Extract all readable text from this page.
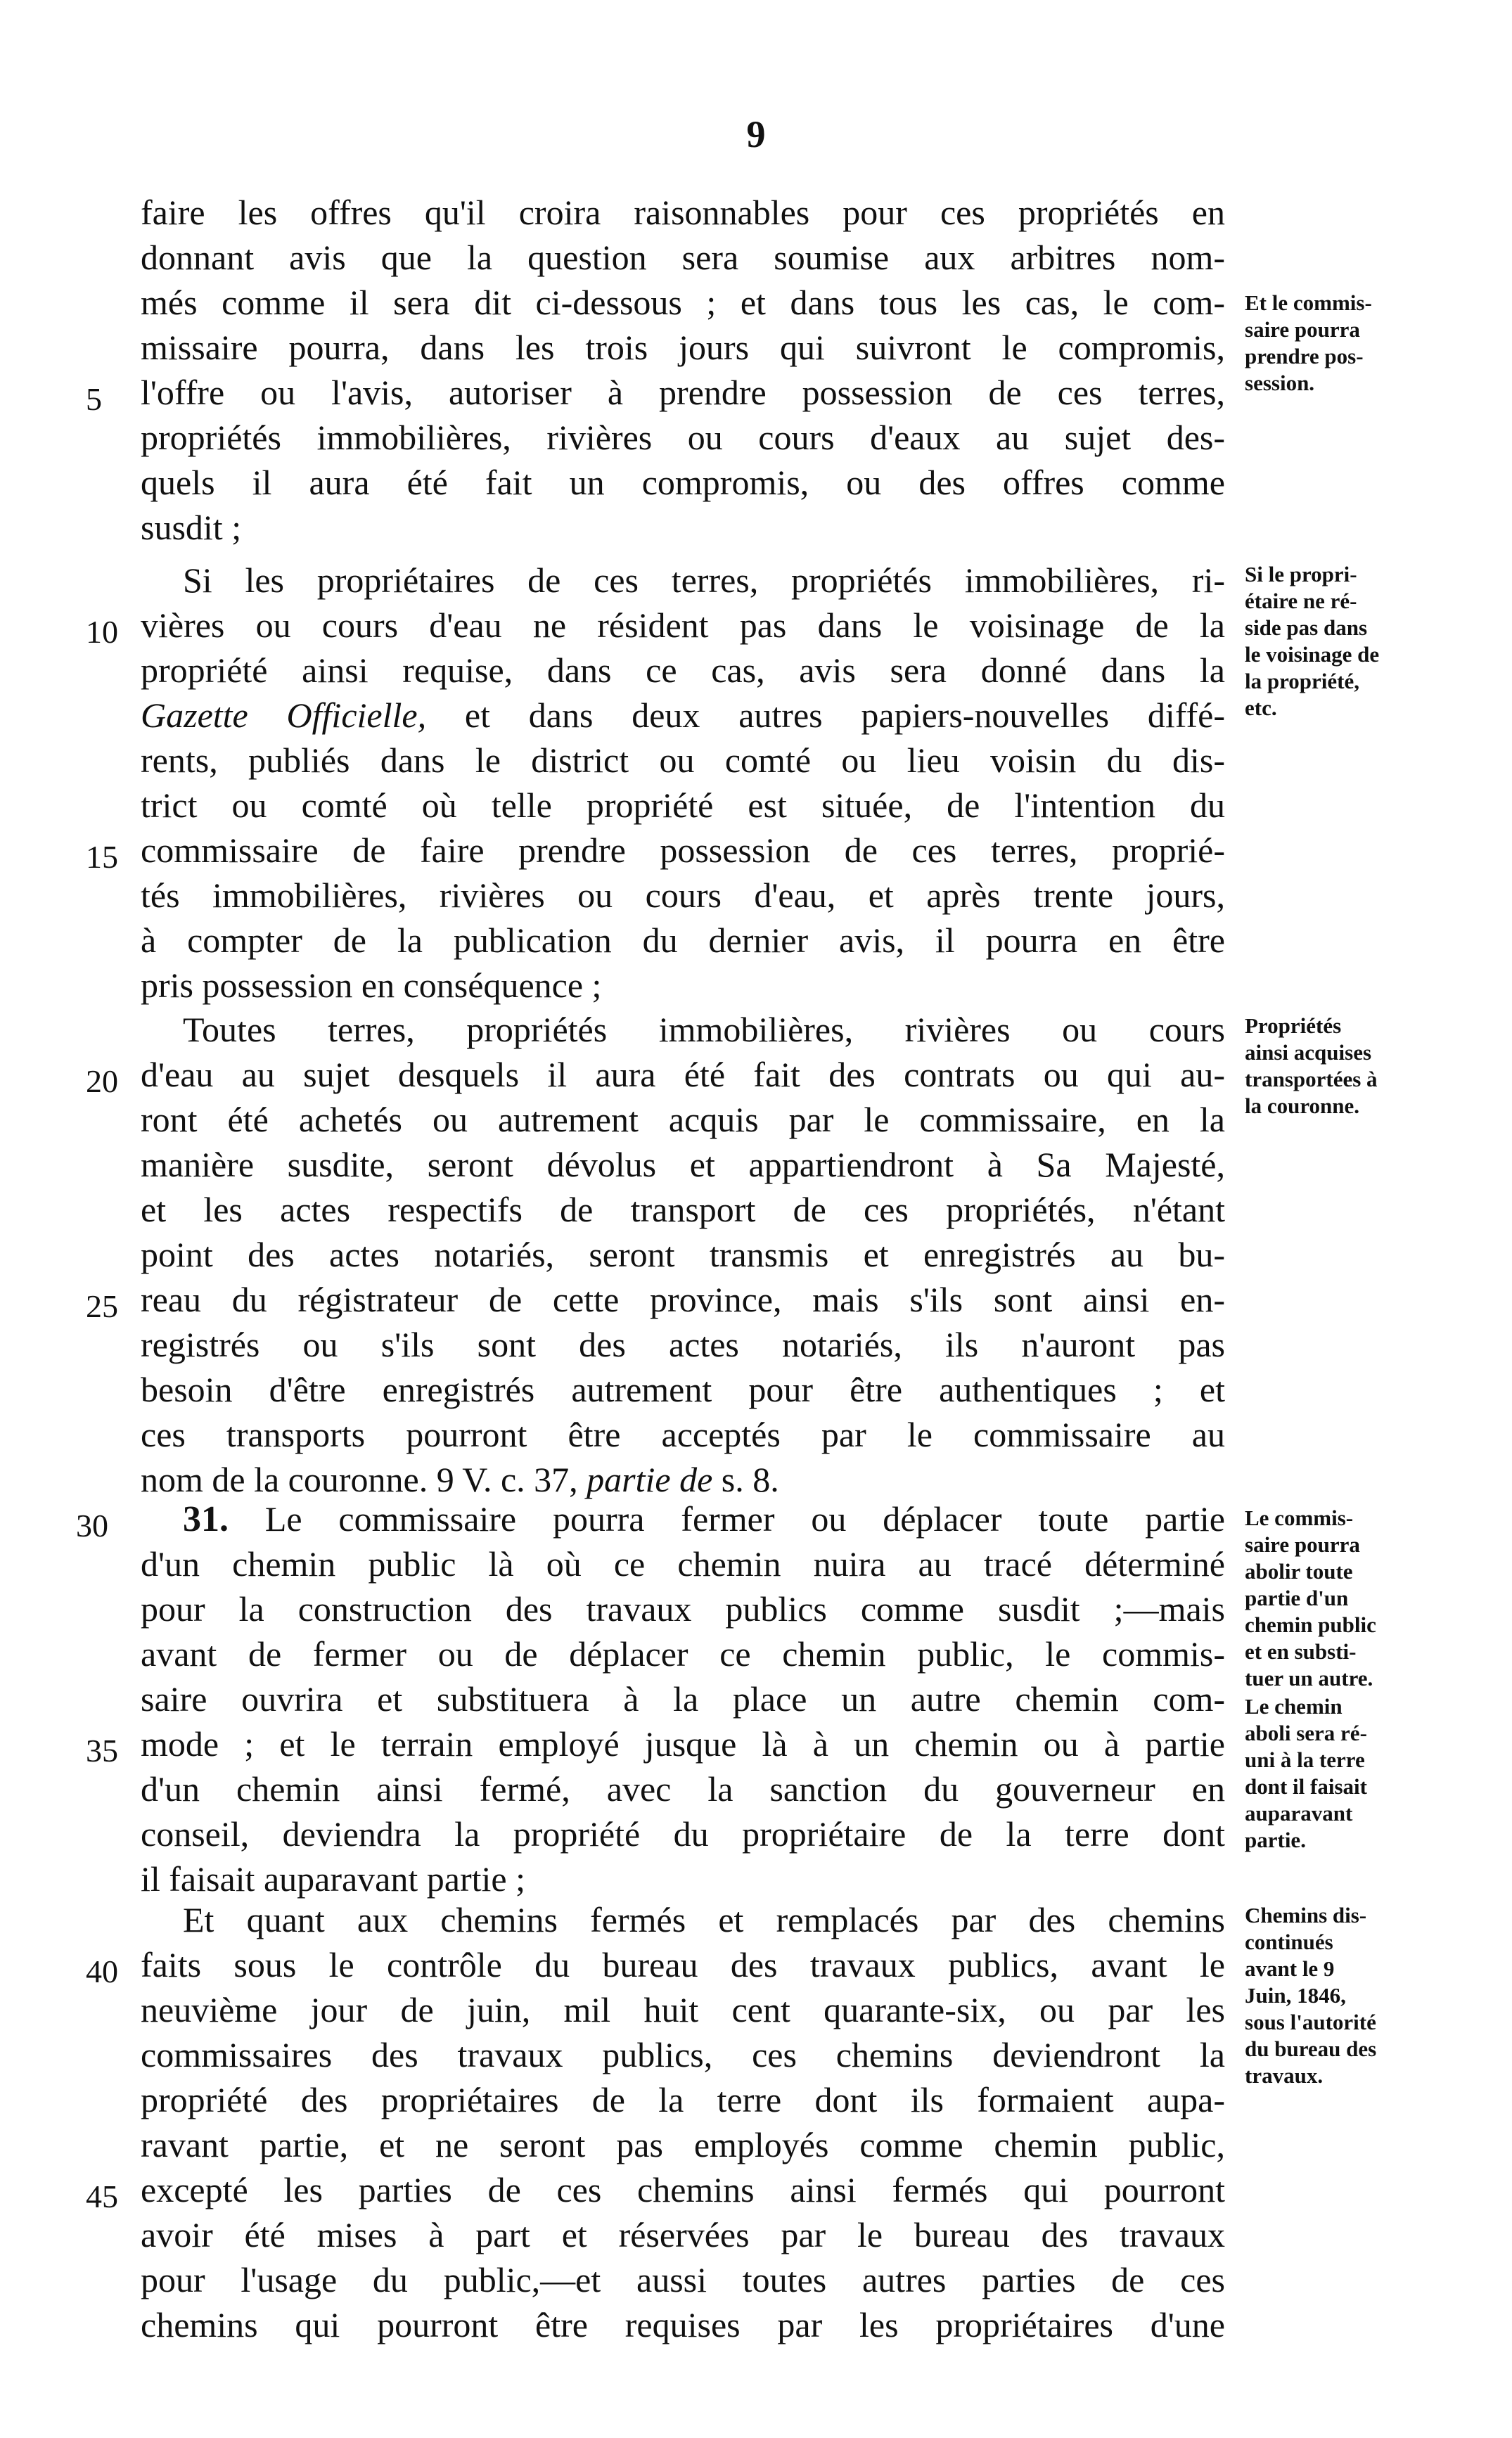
9
faire les offres qu'il croira raisonnables pour ces propriétés en
donnant avis que la question sera soumise aux arbitres nom-
més comme il sera dit ci-dessous ; et dans tous les cas, le com-
missaire pourra, dans les trois jours qui suivront le compromis,
5	l'offre ou l'avis, autoriser à prendre possession de ces terres,
propriétés immobilières, rivières ou cours d'eaux au sujet des-
quels il aura été fait un compromis, ou des offres comme
susdit ;
Si les propriétaires de ces terres, propriétés immobilières, ri-
10 vières ou cours d'eau ne résident pas dans le voisinage de la
propriété ainsi requise, dans ce cas, avis sera donné dans la
Gazette Officielle, et dans deux autres papiers-nouvelles diffé-
rents, publiés dans le district ou comté ou lieu voisin du dis-
trict ou comté où telle propriété est située, de l'intention du
15 commissaire de faire prendre possession de ces terres, proprié-
tés immobilières, rivières ou cours d'eau, et après trente jours,
à compter de la publication du dernier avis, il pourra en être
pris possession en conséquence ;
Toutes terres, propriétés immobilières, rivières ou cours
20 d'eau au sujet desquels il aura été fait des contrats ou qui au-
ront été achetés ou autrement acquis par le commissaire, en la
manière susdite, seront dévolus et appartiendront à Sa Majesté,
et les actes respectifs de transport de ces propriétés, n'étant
point des actes notariés, seront transmis et enregistrés au bu-
25 reau du régistrateur de cette province, mais s'ils sont ainsi en-
registrés ou s'ils sont des actes notariés, ils n'auront pas
besoin d'être enregistrés autrement pour être authentiques ; et
ces transports pourront être acceptés par le commissaire au
nom de la couronne. 9 V. c. 37, partie de s. 8.
30	31. Le commissaire pourra fermer ou déplacer toute partie
d'un chemin public là où ce chemin nuira au tracé déterminé
pour la construction des travaux publics comme susdit ;—mais
avant de fermer ou de déplacer ce chemin public, le commis-
saire ouvrira et substituera à la place un autre chemin com-
35 mode ; et le terrain employé jusque là à un chemin ou à partie
d'un chemin ainsi fermé, avec la sanction du gouverneur en
conseil, deviendra la propriété du propriétaire de la terre dont
il faisait auparavant partie ;
Et quant aux chemins fermés et remplacés par des chemins
40 faits sous le contrôle du bureau des travaux publics, avant le
neuvième jour de juin, mil huit cent quarante-six, ou par les
commissaires des travaux publics, ces chemins deviendront la
propriété des propriétaires de la terre dont ils formaient aupa-
ravant partie, et ne seront pas employés comme chemin public,
45 excepté les parties de ces chemins ainsi fermés qui pourront
avoir été mises à part et réservées par le bureau des travaux
pour l'usage du public,—et aussi toutes autres parties de ces
chemins qui pourront être requises par les propriétaires d'une
Et le commis-
saire pourra
prendre pos-
session.
Si le propri-
étaire ne ré-
side pas dans
le voisinage de
la propriété,
etc.
Propriétés
ainsi acquises
transportées à
la couronne.
Le commis-
saire pourra
abolir toute
partie d'un
chemin public
et en substi-
tuer un autre.
Le chemin
aboli sera ré-
uni à la terre
dont il faisait
auparavant
partie.
Chemins dis-
continués
avant le 9
Juin, 1846,
sous l'autorité
du bureau des
travaux.
